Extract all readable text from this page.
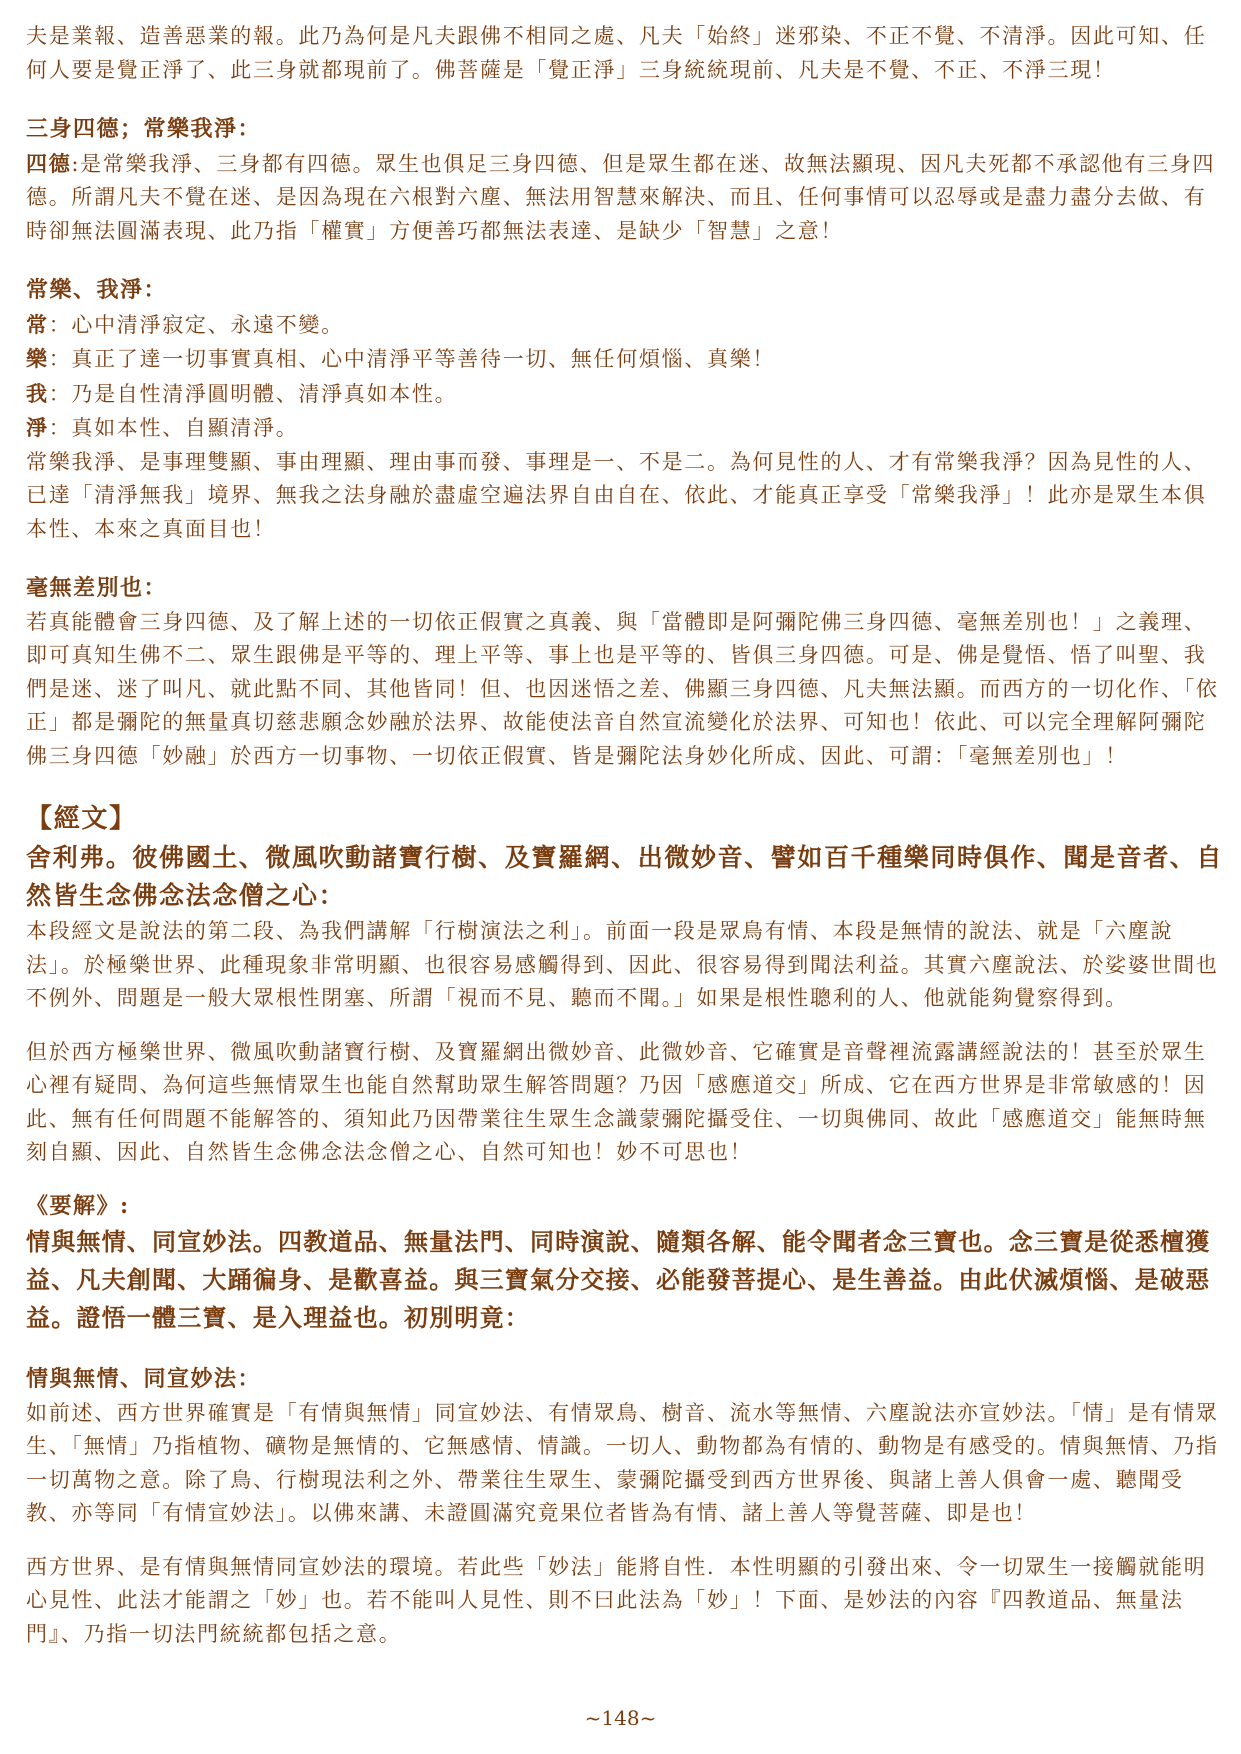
夫是業報、造善惡業的報。此乃為何是凡夫跟佛不相同之處、凡夫「始終」迷邪染、不正不覺、不清淨。因此可知、任何人要是覺正淨了、此三身就都現前了。佛菩薩是「覺正淨」三身統統現前、凡夫是不覺、不正、不淨三現！

三身四德；常樂我淨：

四德:是常樂我淨、三身都有四德。眾生也俱足三身四德、但是眾生都在迷、故無法顯現、因凡夫死都不承認他有三身四德。所謂凡夫不覺在迷、是因為現在六根對六塵、無法用智慧來解決、而且、任何事情可以忍辱或是盡力盡分去做、有時卻無法圓滿表現、此乃指「權實」方便善巧都無法表達、是缺少「智慧」之意！

常樂、我淨：

常：心中清淨寂定、永遠不變。

樂：真正了達一切事實真相、心中清淨平等善待一切、無任何煩惱、真樂！

我：乃是自性清淨圓明體、清淨真如本性。

淨：真如本性、自顯清淨。

常樂我淨、是事理雙顯、事由理顯、理由事而發、事理是一、不是二。為何見性的人、才有常樂我淨？因為見性的人、已達「清淨無我」境界、無我之法身融於盡虛空遍法界自由自在、依此、才能真正享受「常樂我淨」！此亦是眾生本俱本性、本來之真面目也！

毫無差別也：

若真能體會三身四德、及了解上述的一切依正假實之真義、與「當體即是阿彌陀佛三身四德、毫無差別也！」之義理、即可真知生佛不二、眾生跟佛是平等的、理上平等、事上也是平等的、皆俱三身四德。可是、佛是覺悟、悟了叫聖、我們是迷、迷了叫凡、就此點不同、其他皆同！但、也因迷悟之差、佛顯三身四德、凡夫無法顯。而西方的一切化作、「依正」都是彌陀的無量真切慈悲願念妙融於法界、故能使法音自然宣流變化於法界、可知也！依此、可以完全理解阿彌陀佛三身四德「妙融」於西方一切事物、一切依正假實、皆是彌陀法身妙化所成、因此、可謂：「毫無差別也」！

【經文】

舍利弗。彼佛國土、微風吹動諸寶行樹、及寶羅網、出微妙音、譬如百千種樂同時俱作、聞是音者、自然皆生念佛念法念僧之心：

本段經文是說法的第二段、為我們講解「行樹演法之利」。前面一段是眾鳥有情、本段是無情的說法、就是「六塵說法」。於極樂世界、此種現象非常明顯、也很容易感觸得到、因此、很容易得到聞法利益。其實六塵說法、於娑婆世間也不例外、問題是一般大眾根性閉塞、所謂「視而不見、聽而不聞。」如果是根性聰利的人、他就能夠覺察得到。

但於西方極樂世界、微風吹動諸寶行樹、及寶羅網出微妙音、此微妙音、它確實是音聲裡流露講經說法的！甚至於眾生心裡有疑問、為何這些無情眾生也能自然幫助眾生解答問題？乃因「感應道交」所成、它在西方世界是非常敏感的！因此、無有任何問題不能解答的、須知此乃因帶業往生眾生念識蒙彌陀攝受住、一切與佛同、故此「感應道交」能無時無刻自顯、因此、自然皆生念佛念法念僧之心、自然可知也！妙不可思也！

《要解》:

情與無情、同宣妙法。四教道品、無量法門、同時演說、隨類各解、能令聞者念三寶也。念三寶是從悉檀獲益、凡夫創聞、大踊徧身、是歡喜益。與三寶氣分交接、必能發菩提心、是生善益。由此伏滅煩惱、是破惡益。證悟一體三寶、是入理益也。初別明竟：

情與無情、同宣妙法：

如前述、西方世界確實是「有情與無情」同宣妙法、有情眾鳥、樹音、流水等無情、六塵說法亦宣妙法。「情」是有情眾生、「無情」乃指植物、礦物是無情的、它無感情、情識。一切人、動物都為有情的、動物是有感受的。情與無情、乃指一切萬物之意。除了鳥、行樹現法利之外、帶業往生眾生、蒙彌陀攝受到西方世界後、與諸上善人俱會一處、聽聞受教、亦等同「有情宣妙法」。以佛來講、未證圓滿究竟果位者皆為有情、諸上善人等覺菩薩、即是也！

西方世界、是有情與無情同宣妙法的環境。若此些「妙法」能將自性．本性明顯的引發出來、令一切眾生一接觸就能明心見性、此法才能謂之「妙」也。若不能叫人見性、則不曰此法為「妙」！下面、是妙法的內容『四教道品、無量法門』、乃指一切法門統統都包括之意。

~148~
